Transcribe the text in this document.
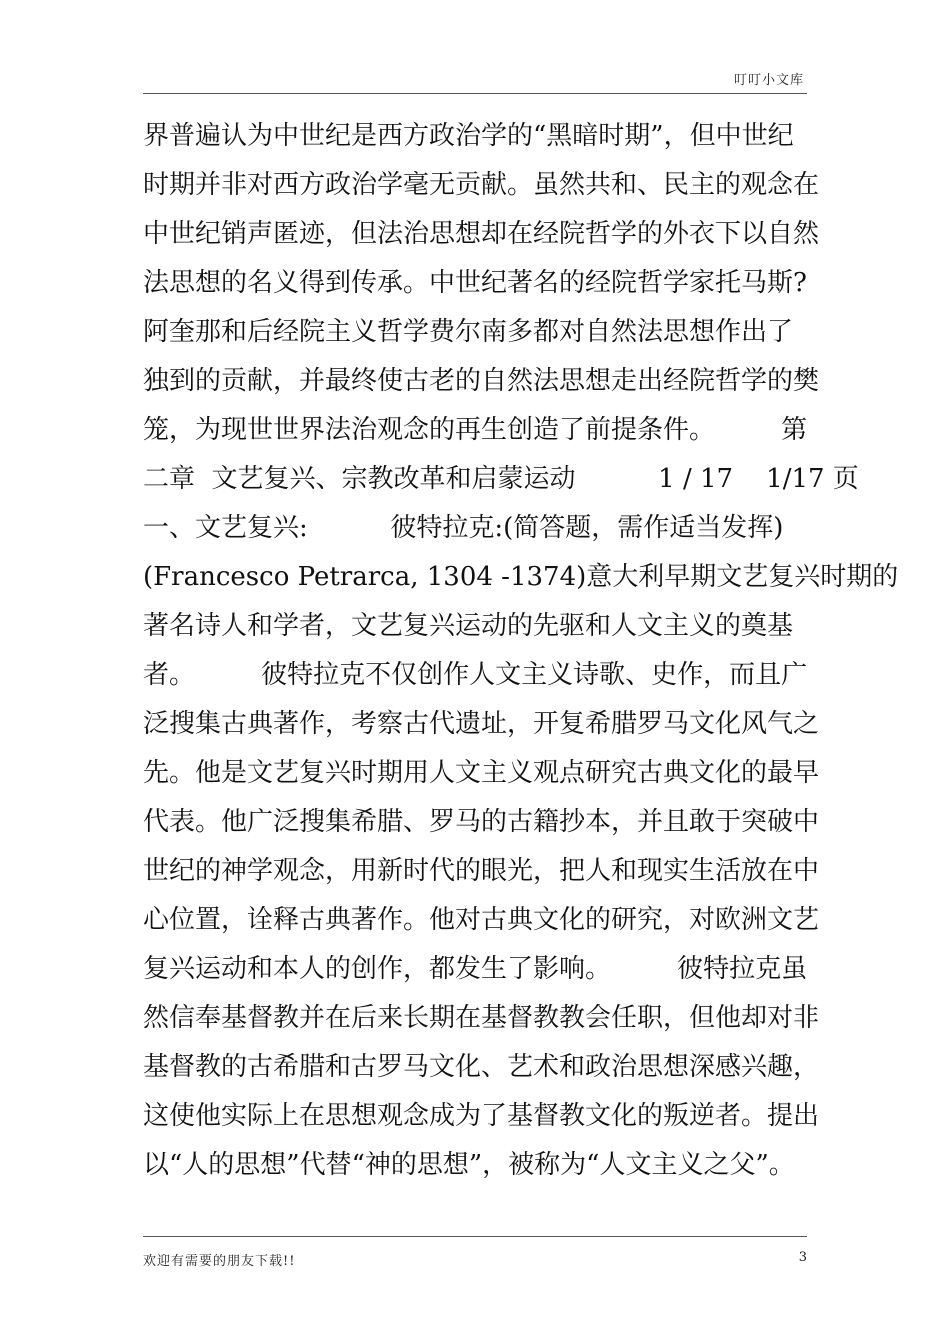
叮叮小文库
界普遍认为中世纪是西方政治学的“黑暗时期”，但中世纪
时期并非对西方政治学毫无贡献。虽然共和、民主的观念在
中世纪销声匿迹，但法治思想却在经院哲学的外衣下以自然
法思想的名义得到传承。中世纪著名的经院哲学家托马斯?
阿奎那和后经院主义哲学费尔南多都对自然法思想作出了
独到的贡献，并最终使古老的自然法思想走出经院哲学的樊
笼，为现世世界法治观念的再生创造了前提条件。        第
二章  文艺复兴、宗教改革和启蒙运动          1 / 17    1/17 页
一、文艺复兴:          彼特拉克:(简答题，需作适当发挥)
(Francesco Petrarca, 1304 -1374)意大利早期文艺复兴时期的
著名诗人和学者，文艺复兴运动的先驱和人文主义的奠基
者。        彼特拉克不仅创作人文主义诗歌、史作，而且广
泛搜集古典著作，考察古代遗址，开复希腊罗马文化风气之
先。他是文艺复兴时期用人文主义观点研究古典文化的最早
代表。他广泛搜集希腊、罗马的古籍抄本，并且敢于突破中
世纪的神学观念，用新时代的眼光，把人和现实生活放在中
心位置，诠释古典著作。他对古典文化的研究，对欧洲文艺
复兴运动和本人的创作，都发生了影响。        彼特拉克虽
然信奉基督教并在后来长期在基督教教会任职，但他却对非
基督教的古希腊和古罗马文化、艺术和政治思想深感兴趣，
这使他实际上在思想观念成为了基督教文化的叛逆者。提出
以“人的思想”代替“神的思想”，被称为“人文主义之父”。
欢迎有需要的朋友下载!!	3
